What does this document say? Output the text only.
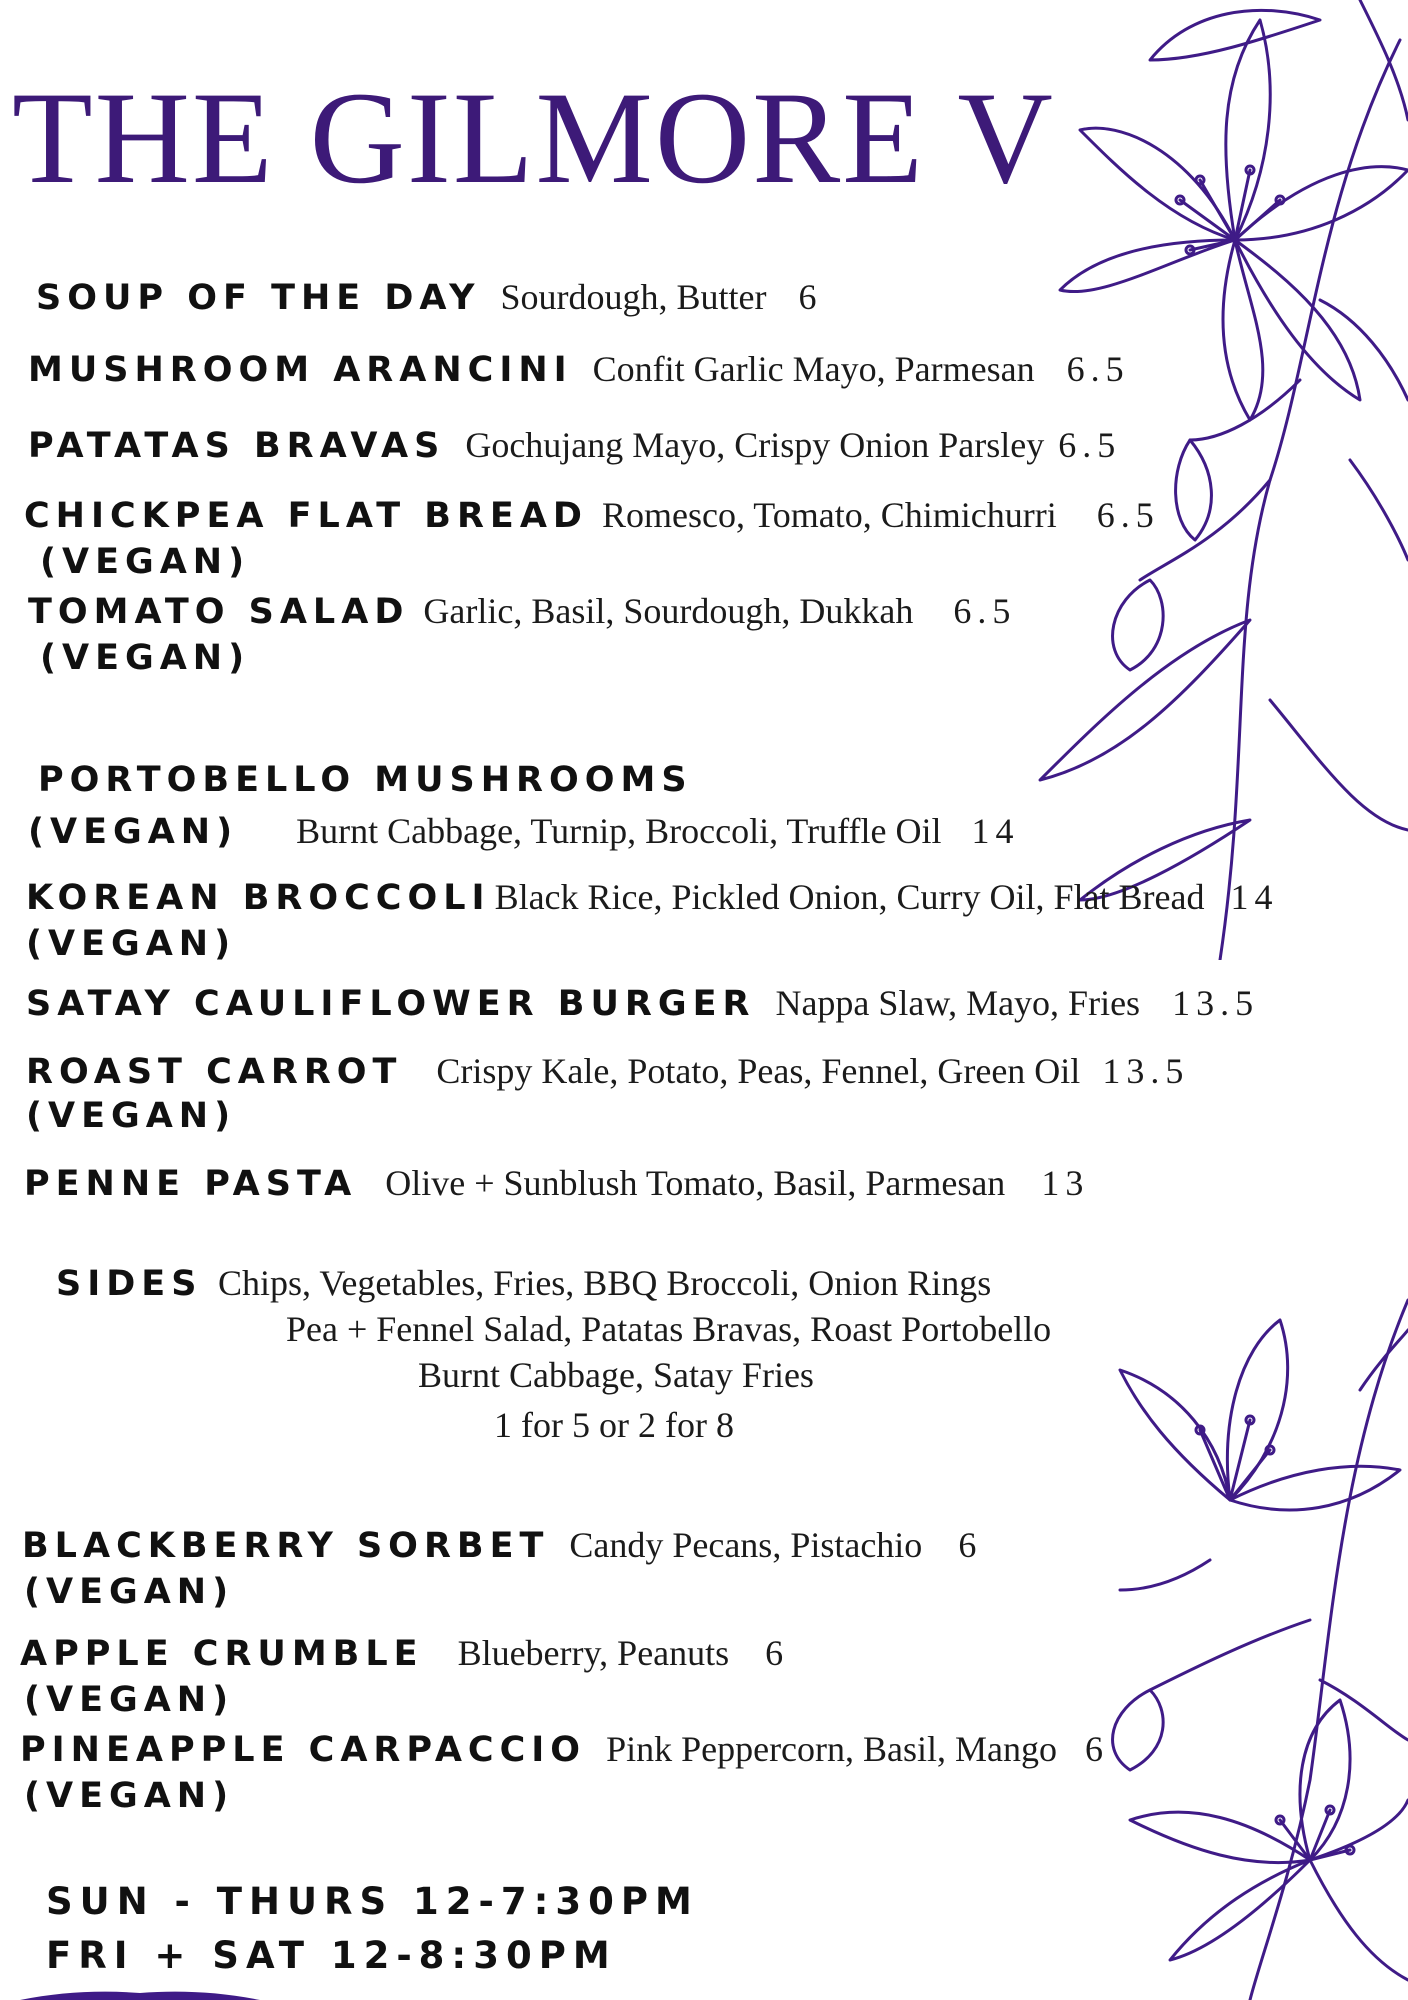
THE GILMORE V
SOUP OF THE DAY Sourdough, Butter 6
MUSHROOM ARANCINI Confit Garlic Mayo, Parmesan 6.5
PATATAS BRAVAS Gochujang Mayo, Crispy Onion Parsley 6.5
CHICKPEA FLAT BREAD Romesco, Tomato, Chimichurri 6.5
(VEGAN)
TOMATO SALAD Garlic, Basil, Sourdough, Dukkah 6.5
(VEGAN)
PORTOBELLO MUSHROOMS
(VEGAN) Burnt Cabbage, Turnip, Broccoli, Truffle Oil 14
KOREAN BROCCOLI Black Rice, Pickled Onion, Curry Oil, Flat Bread 14
(VEGAN)
SATAY CAULIFLOWER BURGER Nappa Slaw, Mayo, Fries 13.5
ROAST CARROT Crispy Kale, Potato, Peas, Fennel, Green Oil 13.5
(VEGAN)
PENNE PASTA Olive + Sunblush Tomato, Basil, Parmesan 13
SIDES Chips, Vegetables, Fries, BBQ Broccoli, Onion Rings
Pea + Fennel Salad, Patatas Bravas, Roast Portobello
Burnt Cabbage, Satay Fries
1 for 5 or 2 for 8
BLACKBERRY SORBET Candy Pecans, Pistachio 6
(VEGAN)
APPLE CRUMBLE Blueberry, Peanuts 6
(VEGAN)
PINEAPPLE CARPACCIO Pink Peppercorn, Basil, Mango 6
(VEGAN)
SUN - THURS 12-7:30PM
FRI + SAT 12-8:30PM
